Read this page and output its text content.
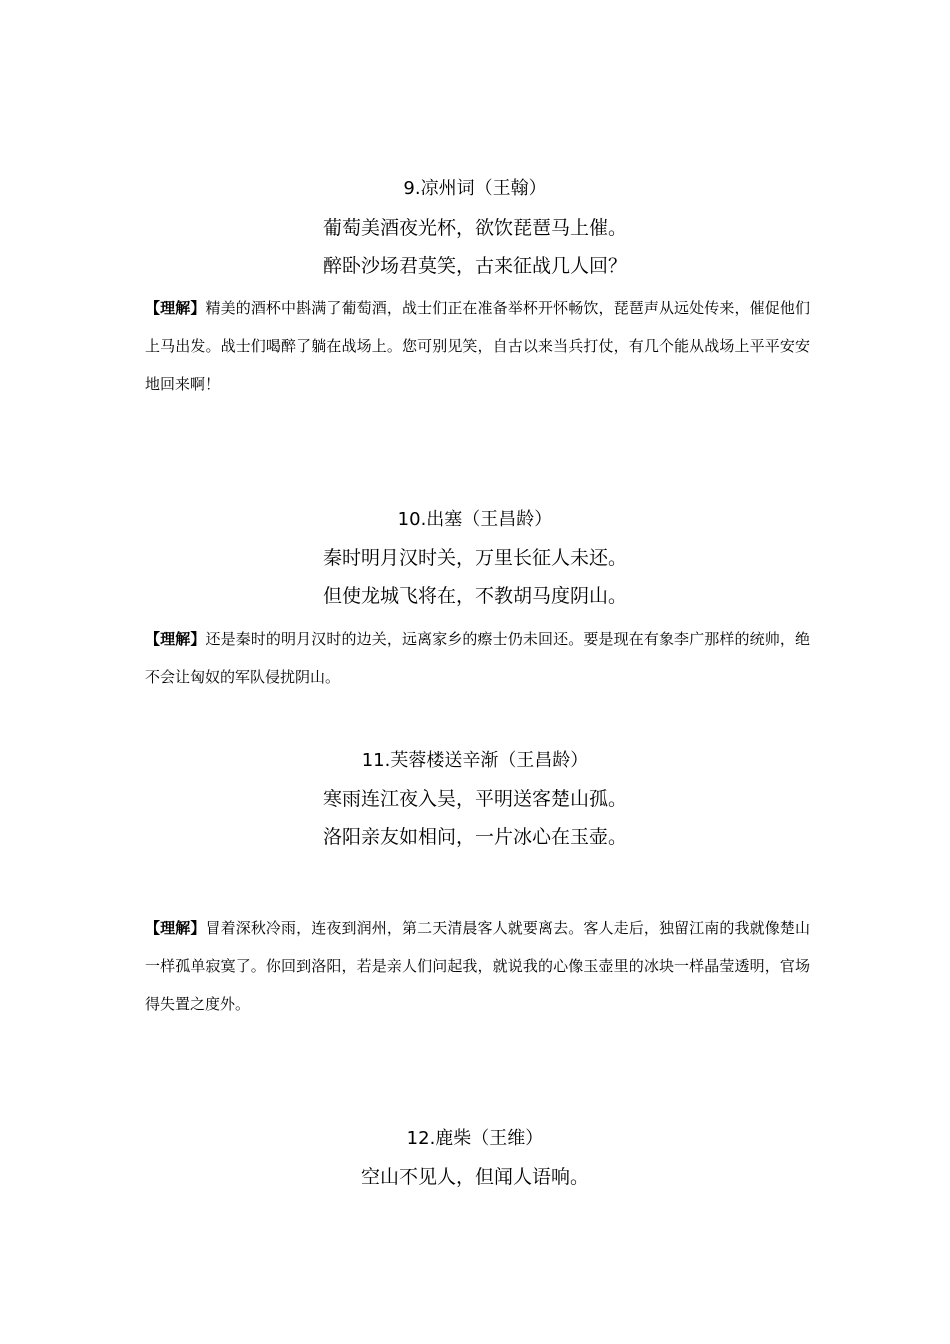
9.凉州词（王翰）
葡萄美酒夜光杯，欲饮琵琶马上催。
醉卧沙场君莫笑，古来征战几人回？
【理解】精美的酒杯中斟满了葡萄酒，战士们正在准备举杯开怀畅饮，琵琶声从远处传来，催促他们上马出发。战士们喝醉了躺在战场上。您可别见笑，自古以来当兵打仗，有几个能从战场上平平安安地回来啊！
10.出塞（王昌龄）
秦时明月汉时关，万里长征人未还。
但使龙城飞将在，不教胡马度阴山。
【理解】还是秦时的明月汉时的边关，远离家乡的瘵士仍未回还。要是现在有象李广那样的统帅，绝不会让匈奴的军队侵扰阴山。
11.芙蓉楼送辛渐（王昌龄）
寒雨连江夜入吴，平明送客楚山孤。
洛阳亲友如相问，一片冰心在玉壶。
【理解】冒着深秋冷雨，连夜到润州，第二天清晨客人就要离去。客人走后，独留江南的我就像楚山一样孤单寂寞了。你回到洛阳，若是亲人们问起我，就说我的心像玉壶里的冰块一样晶莹透明，官场得失置之度外。
12.鹿柴（王维）
空山不见人，但闻人语响。
